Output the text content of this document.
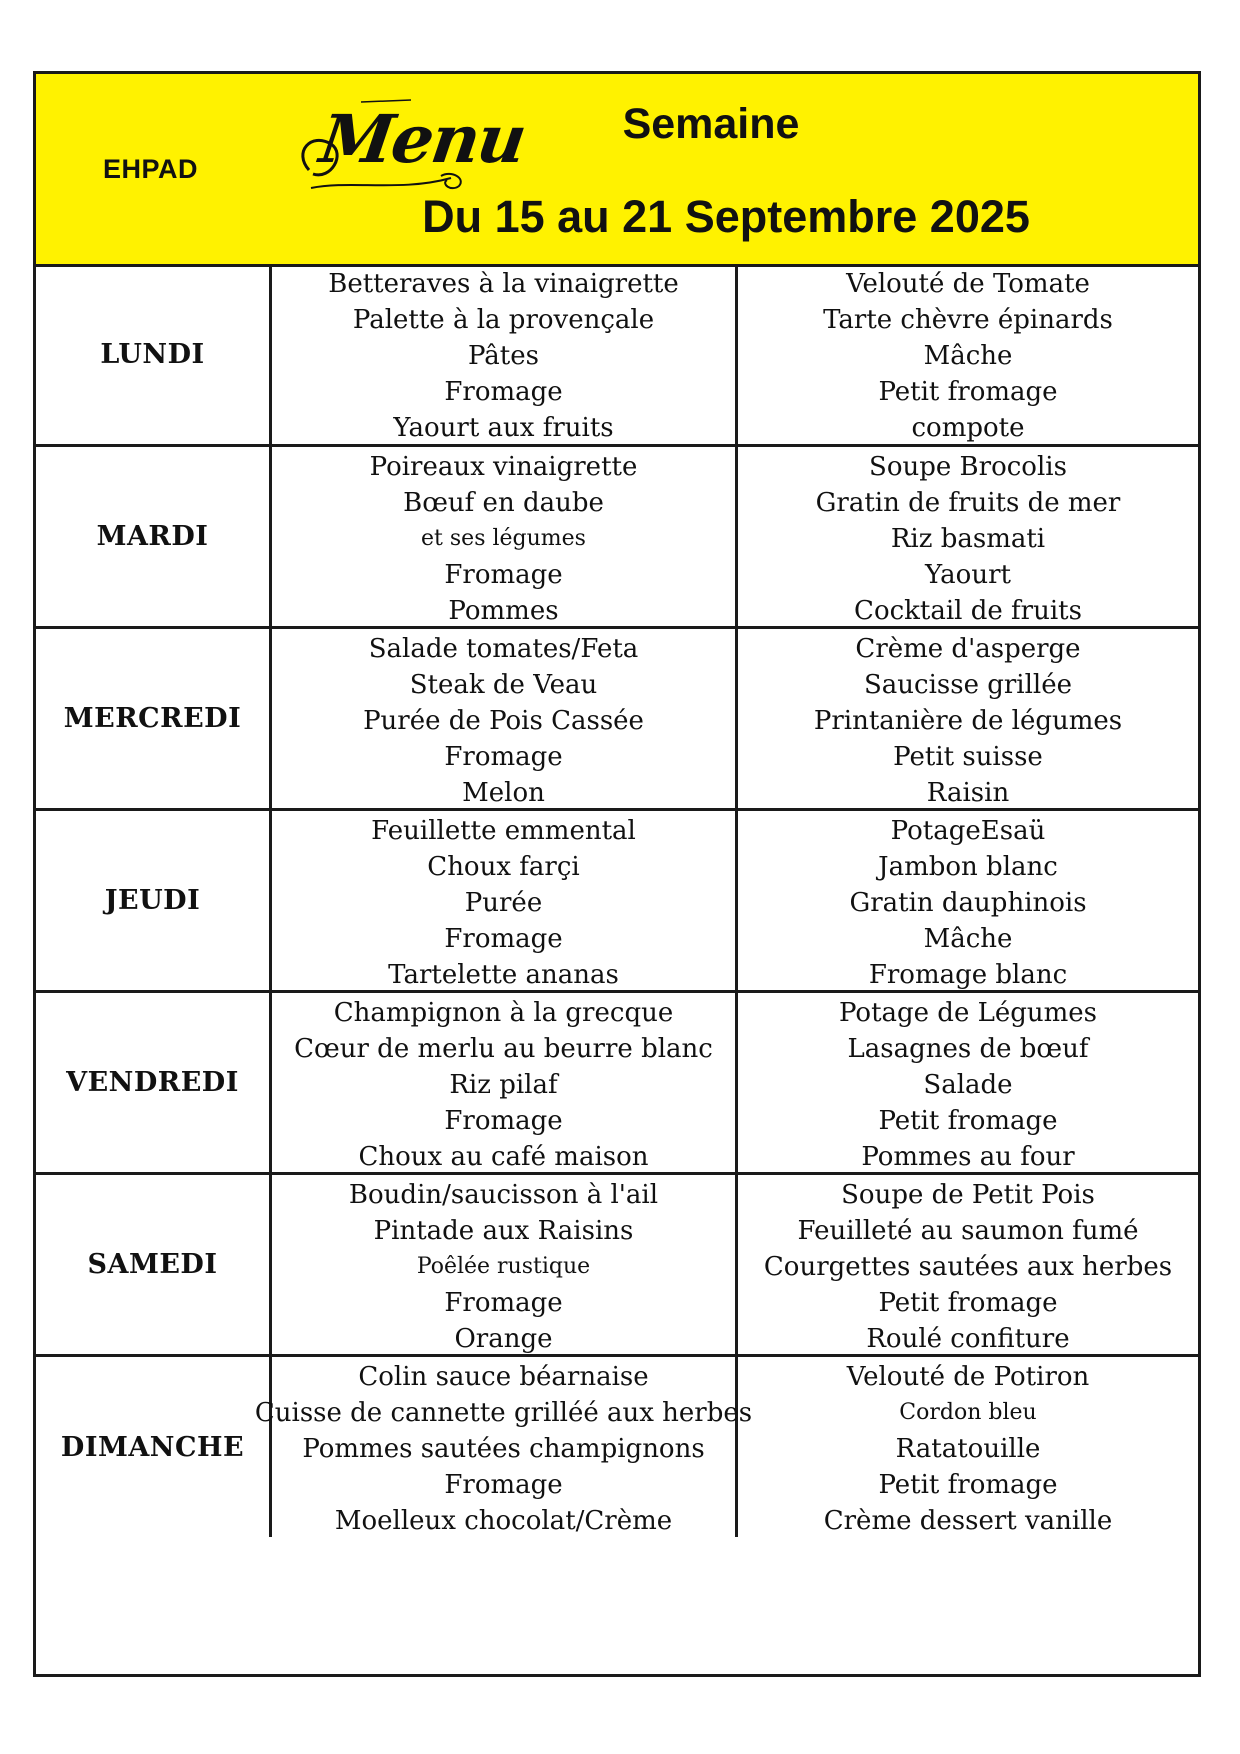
EHPAD Menu	Semaine
Du 15 au 21 Septembre 2025
LUNDI
Betteraves à la vinaigrette
Palette à la provençale
Pâtes
Fromage
Yaourt aux fruits
Velouté de Tomate
Tarte chèvre épinards
Mâche
Petit fromage
compote
MARDI
Poireaux vinaigrette
Bœuf en daube
et ses légumes
Fromage
Pommes
Soupe Brocolis
Gratin de fruits de mer
Riz basmati
Yaourt
Cocktail de fruits
MERCREDI
Salade tomates/Feta
Steak de Veau
Purée de Pois Cassée
Fromage
Melon
Crème d'asperge
Saucisse grillée
Printanière de légumes
Petit suisse
Raisin
JEUDI
Feuillette emmental
Choux farçi
Purée
Fromage
Tartelette ananas
PotageEsaü
Jambon blanc
Gratin dauphinois
Mâche
Fromage blanc
VENDREDI
Champignon à la grecque
Cœur de merlu au beurre blanc
Riz pilaf
Fromage
Choux au café maison
Potage de Légumes
Lasagnes de bœuf
Salade
Petit fromage
Pommes au four
SAMEDI
Boudin/saucisson à l'ail
Pintade aux Raisins
Poêlée rustique
Fromage
Orange
Soupe de Petit Pois
Feuilleté au saumon fumé
Courgettes sautées aux herbes
Petit fromage
Roulé confiture
DIMANCHE
Colin sauce béarnaise
Cuisse de cannette grilléé aux herbes
Pommes sautées champignons
Fromage
Moelleux chocolat/Crème
Velouté de Potiron
Cordon bleu
Ratatouille
Petit fromage
Crème dessert vanille
